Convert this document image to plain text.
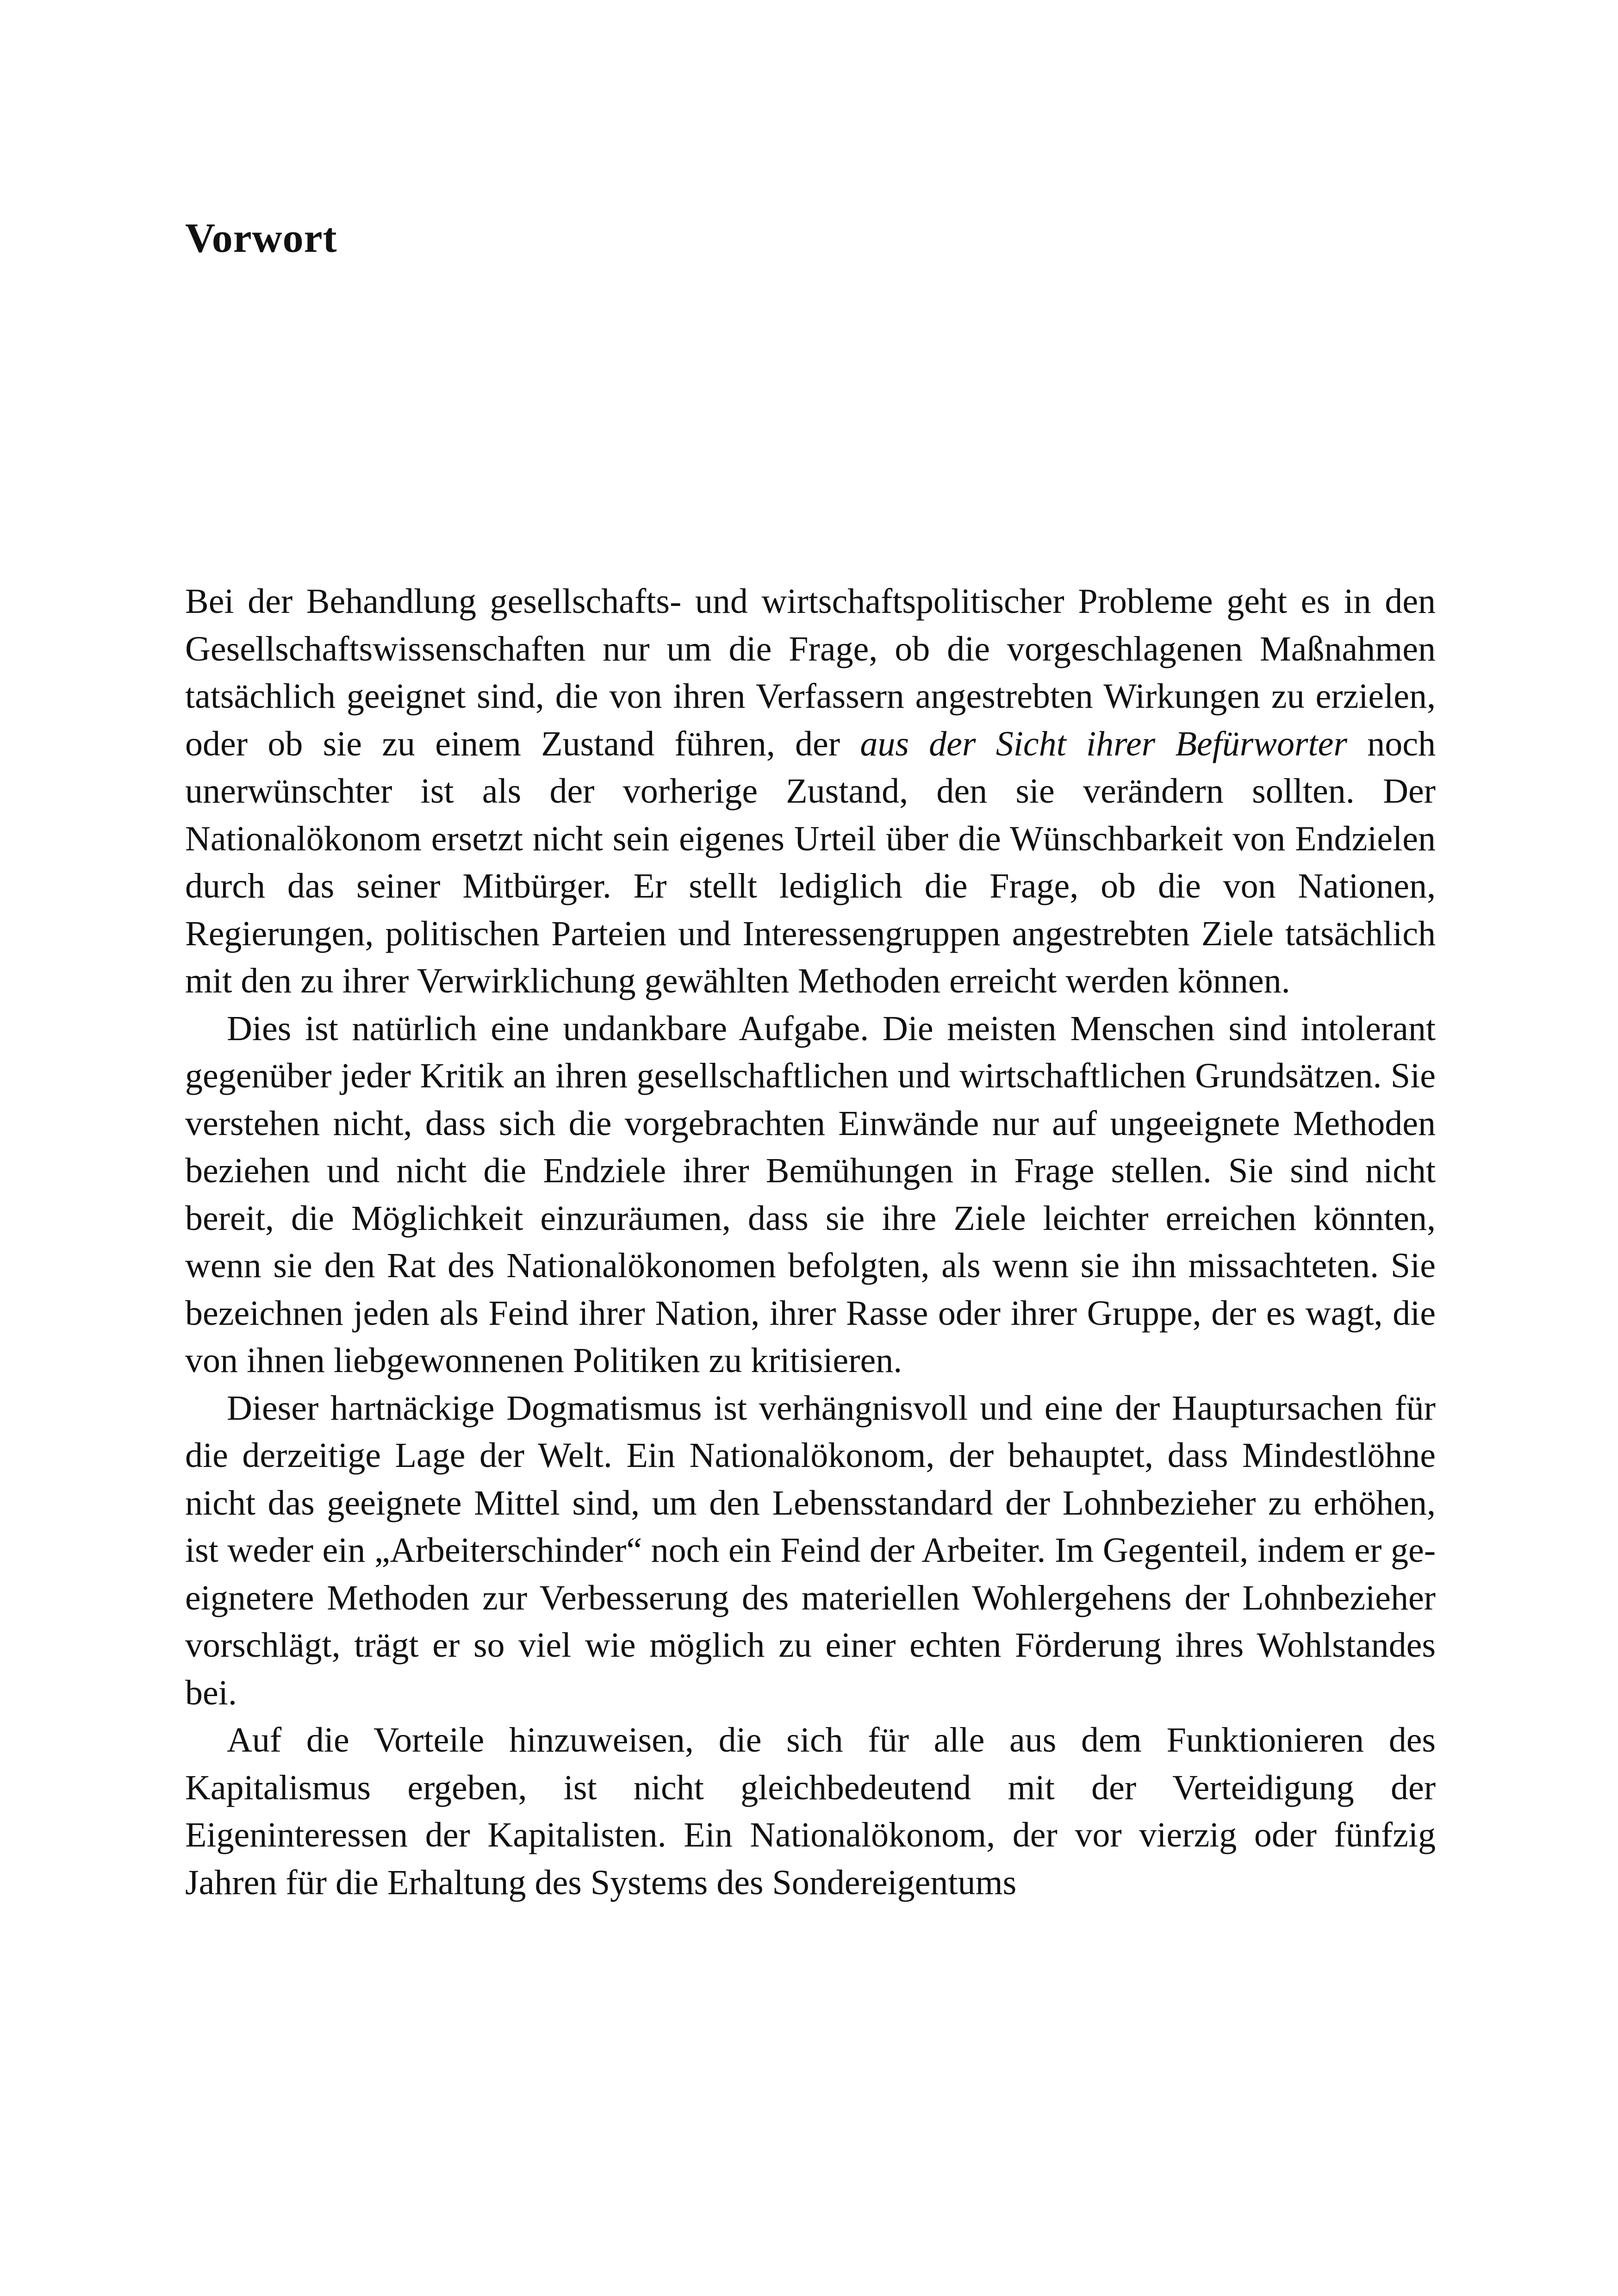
Vorwort

Bei der Behandlung gesellschafts- und wirtschaftspolitischer Probleme geht es in den Gesellschaftswissenschaften nur um die Frage, ob die vorgeschlagenen Maßnahmen tatsächlich geeignet sind, die von ihren Verfassern angestrebten Wirkungen zu erzielen, oder ob sie zu einem Zustand führen, der aus der Sicht ihrer Befürworter noch unerwünschter ist als der vorherige Zustand, den sie verändern sollten. Der Nationalökonom ersetzt nicht sein eigenes Urteil über die Wünschbarkeit von Endzielen durch das seiner Mitbürger. Er stellt lediglich die Frage, ob die von Nationen, Regierungen, politischen Parteien und Interessengruppen angestrebten Ziele tatsächlich mit den zu ihrer Verwirklichung gewählten Methoden erreicht werden können.

Dies ist natürlich eine undankbare Aufgabe. Die meisten Menschen sind intolerant gegenüber jeder Kritik an ihren gesellschaftlichen und wirtschaftlichen Grundsätzen. Sie verstehen nicht, dass sich die vorgebrachten Einwände nur auf ungeeignete Methoden beziehen und nicht die Endziele ihrer Bemühungen in Frage stellen. Sie sind nicht bereit, die Möglichkeit einzuräumen, dass sie ihre Ziele leichter erreichen könnten, wenn sie den Rat des Nationalökonomen befolgten, als wenn sie ihn missachteten. Sie bezeichnen jeden als Feind ihrer Nation, ihrer Rasse oder ihrer Gruppe, der es wagt, die von ihnen liebgewonnenen Politiken zu kritisieren.

Dieser hartnäckige Dogmatismus ist verhängnisvoll und eine der Hauptursachen für die derzeitige Lage der Welt. Ein Nationalökonom, der behauptet, dass Mindestlöhne nicht das geeignete Mittel sind, um den Lebensstandard der Lohnbezieher zu erhöhen, ist weder ein „Arbeiterschinder“ noch ein Feind der Arbeiter. Im Gegenteil, indem er geeignetere Methoden zur Verbesserung des materiellen Wohlergehens der Lohnbezieher vorschlägt, trägt er so viel wie möglich zu einer echten Förderung ihres Wohlstandes bei.

Auf die Vorteile hinzuweisen, die sich für alle aus dem Funktionieren des Kapitalismus ergeben, ist nicht gleichbedeutend mit der Verteidigung der Eigeninteressen der Kapitalisten. Ein Nationalökonom, der vor vierzig oder fünfzig Jahren für die Erhaltung des Systems des Sondereigentums
